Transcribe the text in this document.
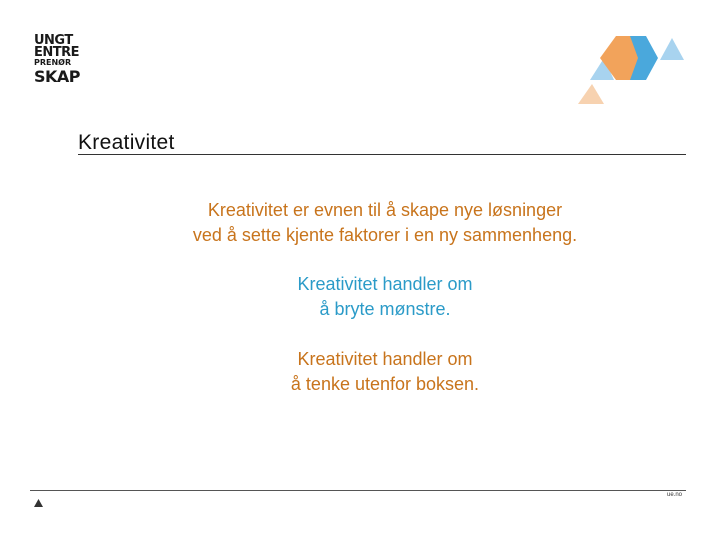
UNGT
ENTRE
PRENØR
SKAP
Kreativitet
Kreativitet er evnen til å skape nye løsninger
ved å sette kjente faktorer i en ny sammenheng.
Kreativitet handler om
å bryte mønstre.
Kreativitet handler om
å tenke utenfor boksen.
ue.no
